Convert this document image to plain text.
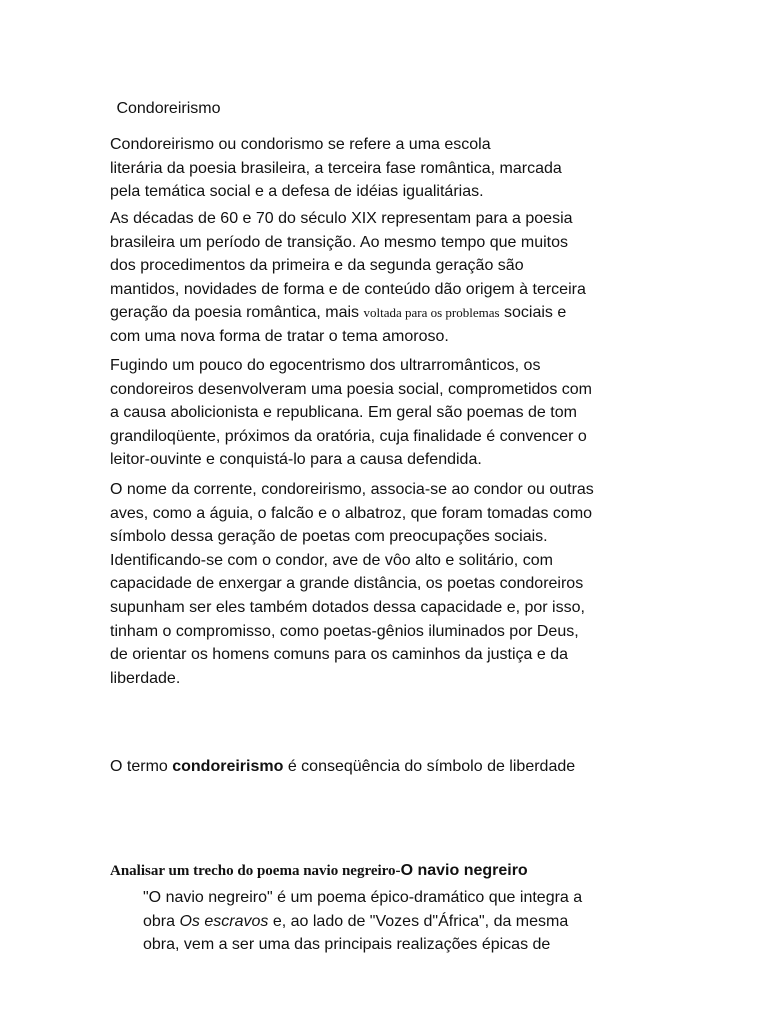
Condoreirismo

Condoreirismo ou condorismo se refere a uma escola
literária da poesia brasileira, a terceira fase romântica, marcada
pela temática social e a defesa de idéias igualitárias.

As décadas de 60 e 70 do século XIX representam para a poesia
brasileira um período de transição. Ao mesmo tempo que muitos
dos procedimentos da primeira e da segunda geração são
mantidos, novidades de forma e de conteúdo dão origem à terceira
geração da poesia romântica, mais voltada para os problemas sociais e
com uma nova forma de tratar o tema amoroso.

Fugindo um pouco do egocentrismo dos ultrarromânticos, os
condoreiros desenvolveram uma poesia social, comprometidos com
a causa abolicionista e republicana. Em geral são poemas de tom
grandiloqüente, próximos da oratória, cuja finalidade é convencer o
leitor-ouvinte e conquistá-lo para a causa defendida.

O nome da corrente, condoreirismo, associa-se ao condor ou outras
aves, como a águia, o falcão e o albatroz, que foram tomadas como
símbolo dessa geração de poetas com preocupações sociais.
Identificando-se com o condor, ave de vôo alto e solitário, com
capacidade de enxergar a grande distância, os poetas condoreiros
supunham ser eles também dotados dessa capacidade e, por isso,
tinham o compromisso, como poetas-gênios iluminados por Deus,
de orientar os homens comuns para os caminhos da justiça e da
liberdade.

O termo condoreirismo é conseqüência do símbolo de liberdade
Analisar um trecho do poema navio negreiro-O navio negreiro

"O navio negreiro" é um poema épico-dramático que integra a
obra Os escravos e, ao lado de "Vozes d"África", da mesma
obra, vem a ser uma das principais realizações épicas de
